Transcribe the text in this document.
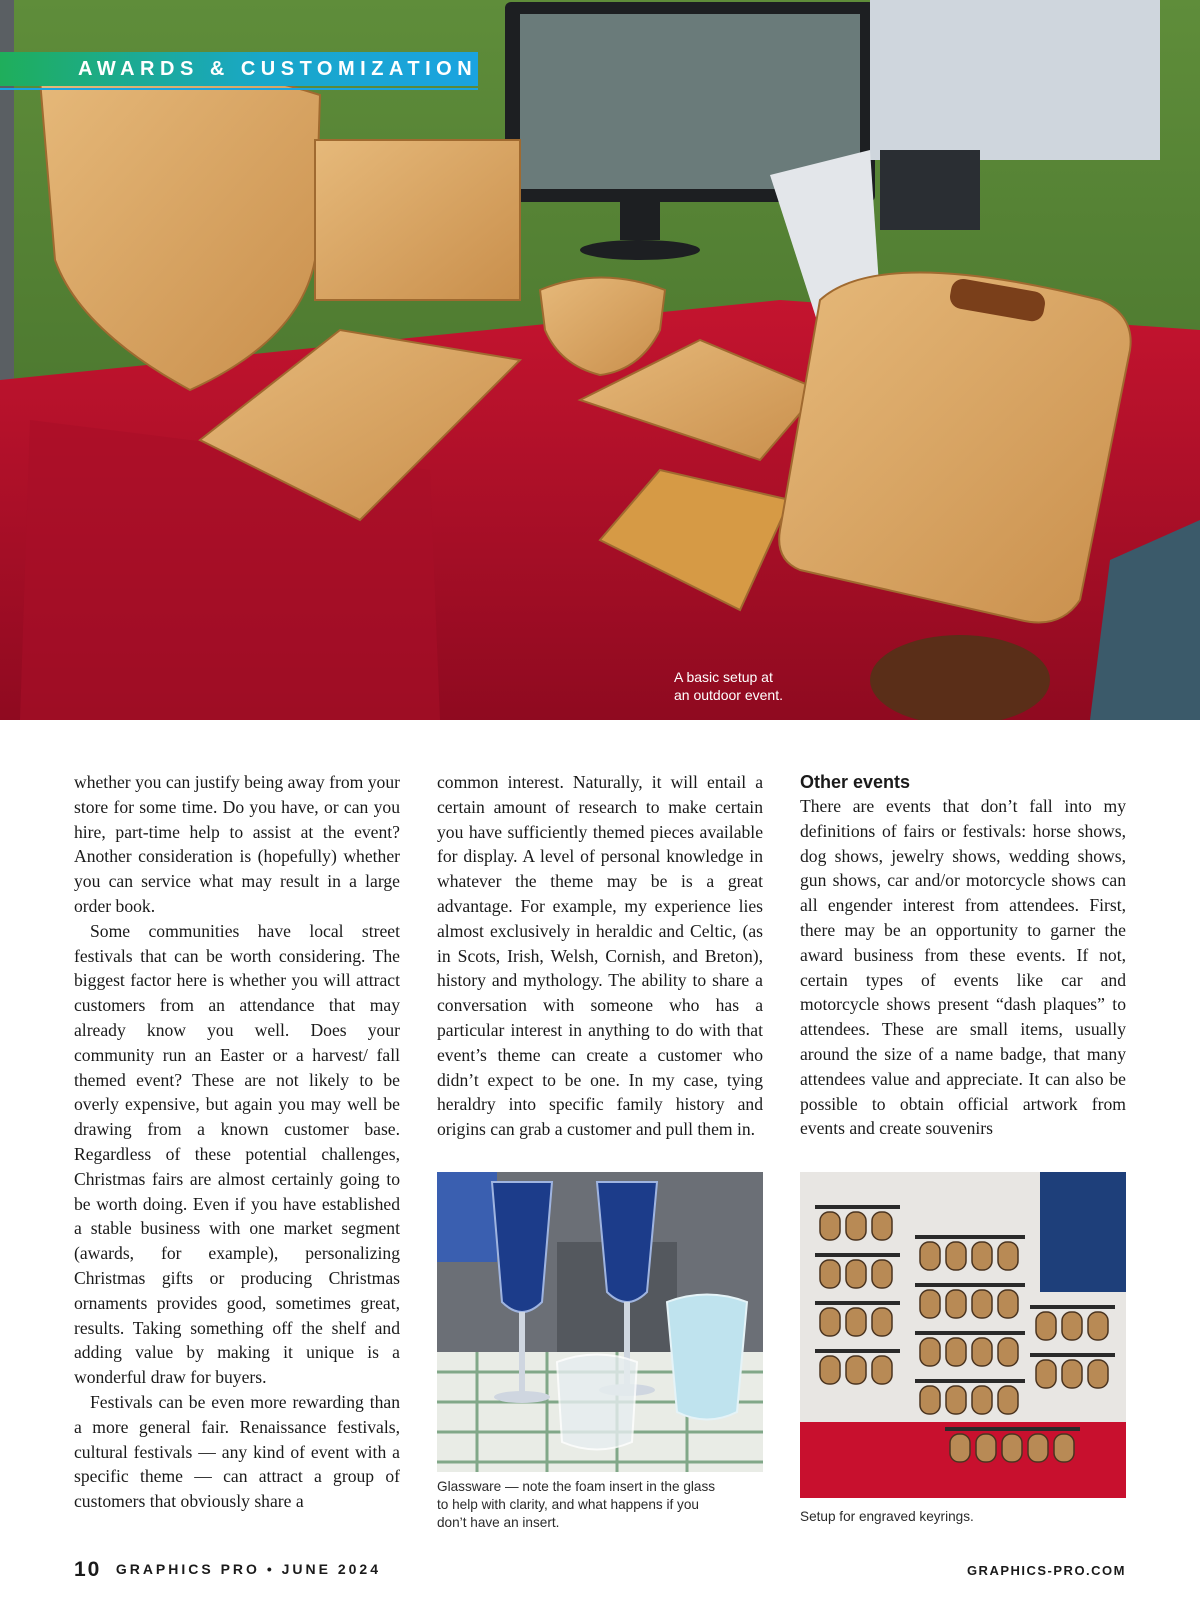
AWARDS & CUSTOMIZATION
A basic setup at
an outdoor event.

whether you can justify being away from your store for some time. Do you have, or can you hire, part-time help to assist at the event? Another consideration is (hopefully) whether you can service what may result in a large order book.

Some communities have local street festivals that can be worth considering. The biggest factor here is whether you will attract customers from an attendance that may already know you well. Does your community run an Easter or a harvest/ fall themed event? These are not likely to be overly expensive, but again you may well be drawing from a known customer base. Regardless of these potential challenges, Christmas fairs are almost certainly going to be worth doing. Even if you have established a stable business with one market segment (awards, for example), personalizing Christmas gifts or producing Christmas ornaments provides good, sometimes great, results. Taking something off the shelf and adding value by making it unique is a wonderful draw for buyers.

Festivals can be even more rewarding than a more general fair. Renaissance festivals, cultural festivals — any kind of event with a specific theme — can attract a group of customers that obviously share a

common interest. Naturally, it will entail a certain amount of research to make certain you have sufficiently themed pieces available for display. A level of personal knowledge in whatever the theme may be is a great advantage. For example, my experience lies almost exclusively in heraldic and Celtic, (as in Scots, Irish, Welsh, Cornish, and Breton), history and mythology. The ability to share a conversation with someone who has a particular interest in anything to do with that event’s theme can create a customer who didn’t expect to be one. In my case, tying heraldry into specific family history and origins can grab a customer and pull them in.

Other events

There are events that don’t fall into my definitions of fairs or festivals: horse shows, dog shows, jewelry shows, wedding shows, gun shows, car and/or motorcycle shows can all engender interest from attendees. First, there may be an opportunity to garner the award business from these events. If not, certain types of events like car and motorcycle shows present “dash plaques” to attendees. These are small items, usually around the size of a name badge, that many attendees value and appreciate. It can also be possible to obtain official artwork from events and create souvenirs

Glassware — note the foam insert in the glass
to help with clarity, and what happens if you
don’t have an insert.	Setup for engraved keyrings.
10 GRAPHICS PRO • JUNE 2024	GRAPHICS-PRO.COM
